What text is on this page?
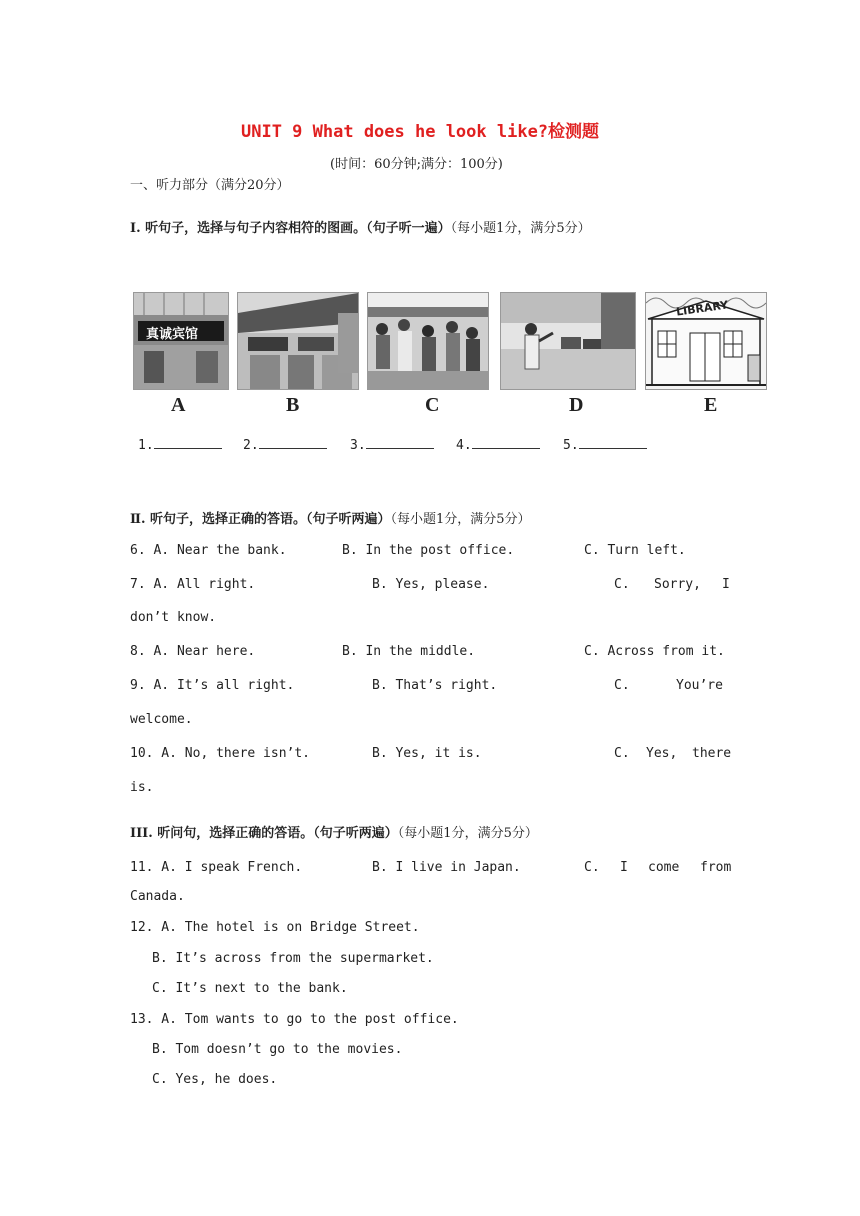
UNIT 9 What does he look like?检测题
(时间：60分钟;满分：100分)
一、听力部分（满分20分）
Ⅰ. 听句子，选择与句子内容相符的图画。（句子听一遍）（每小题1分，满分5分）
真诚宾馆
LIBRARY
A	B	C	D	E
1.	2.	3.	4.	5.
Ⅱ. 听句子，选择正确的答语。（句子听两遍）（每小题1分，满分5分）
6. A. Near the bank.	B. In the post office.	C. Turn left.
7. A. All right.	B. Yes, please.	C. Sorry, I
don’t know.
8. A. Near here.	B. In the middle.	C. Across from it.
9. A. It’s all right.	B. That’s right.	C.	You’re
welcome.
10. A. No, there isn’t.	B. Yes, it is.	C. Yes, there
is.
III. 听问句，选择正确的答语。（句子听两遍）（每小题1分，满分5分）
11. A. I speak French.	B. I live in Japan.	C. I come from
Canada.
12. A. The hotel is on Bridge Street.
B. It’s across from the supermarket.
C. It’s next to the bank.
13. A. Tom wants to go to the post office.
B. Tom doesn’t go to the movies.
C. Yes, he does.
